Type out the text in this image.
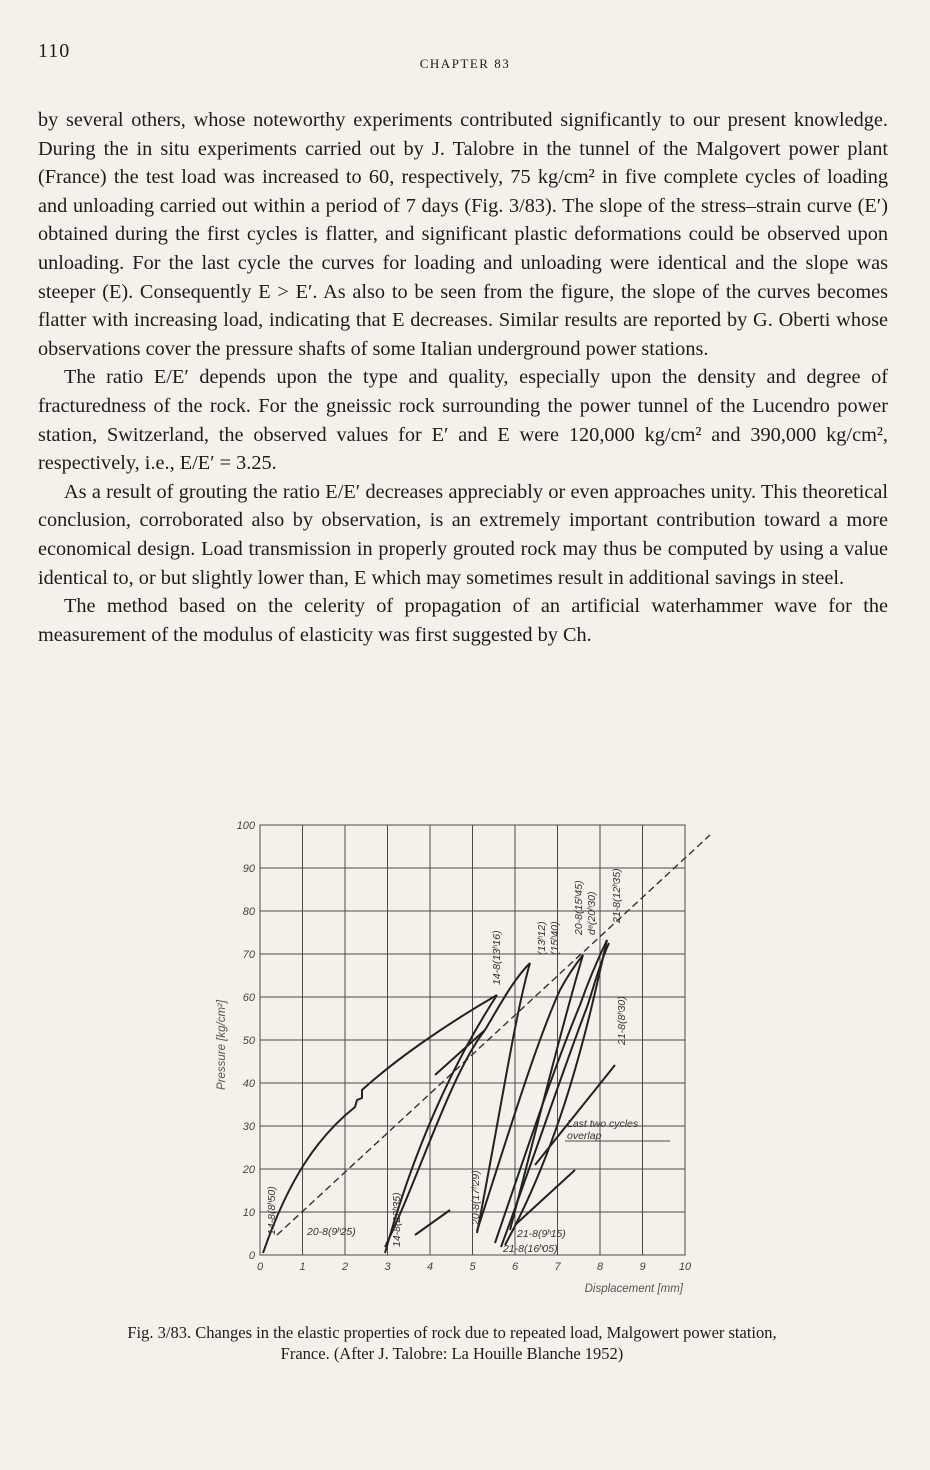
110
CHAPTER 83

by several others, whose noteworthy experiments contributed significantly to our present knowledge. During the in situ experiments carried out by J. Talobre in the tunnel of the Malgovert power plant (France) the test load was increased to 60, respectively, 75 kg/cm² in five complete cycles of loading and unloading carried out within a period of 7 days (Fig. 3/83). The slope of the stress–strain curve (E′) obtained during the first cycles is flatter, and significant plastic deformations could be observed upon unloading. For the last cycle the curves for loading and unloading were identical and the slope was steeper (E). Consequently E > E′. As also to be seen from the figure, the slope of the curves becomes flatter with increasing load, indicating that E decreases. Similar results are reported by G. Oberti whose observations cover the pressure shafts of some Italian underground power stations.

The ratio E/E′ depends upon the type and quality, especially upon the density and degree of fracturedness of the rock. For the gneissic rock surrounding the power tunnel of the Lucendro power station, Switzerland, the observed values for E′ and E were 120,000 kg/cm² and 390,000 kg/cm², respectively, i.e., E/E′ = 3.25.

As a result of grouting the ratio E/E′ decreases appreciably or even approaches unity. This theoretical conclusion, corroborated also by observation, is an extremely important contribution toward a more economical design. Load transmission in properly grouted rock may thus be computed by using a value identical to, or but slightly lower than, E which may sometimes result in additional savings in steel.

The method based on the celerity of propagation of an artificial waterhammer wave for the measurement of the modulus of elasticity was first suggested by Ch.

0
10
20
30
40
50
60
70
80
90
100
0	1	2	3	4	5	6	7	8	9	10
Displacement [mm]
Pressure [kg/cm²]
14-8(8ʰ50)	20-8(9ʰ25)	14-8(22ʰ35)	20-8(17ʰ29)
14-8(13ʰ16)	(13ʰ12) (15ʰ40)
20-8(15ʰ45) dᵉ(20ʰ30) 21-8(12ʰ35)
21-8(8ʰ30)
21-8(9ʰ15)
21-8(16ʰ05)
Last two cycles
overlap
Fig. 3/83. Changes in the elastic properties of rock due to repeated load, Malgowert power station,
France. (After J. Talobre: La Houille Blanche 1952)
